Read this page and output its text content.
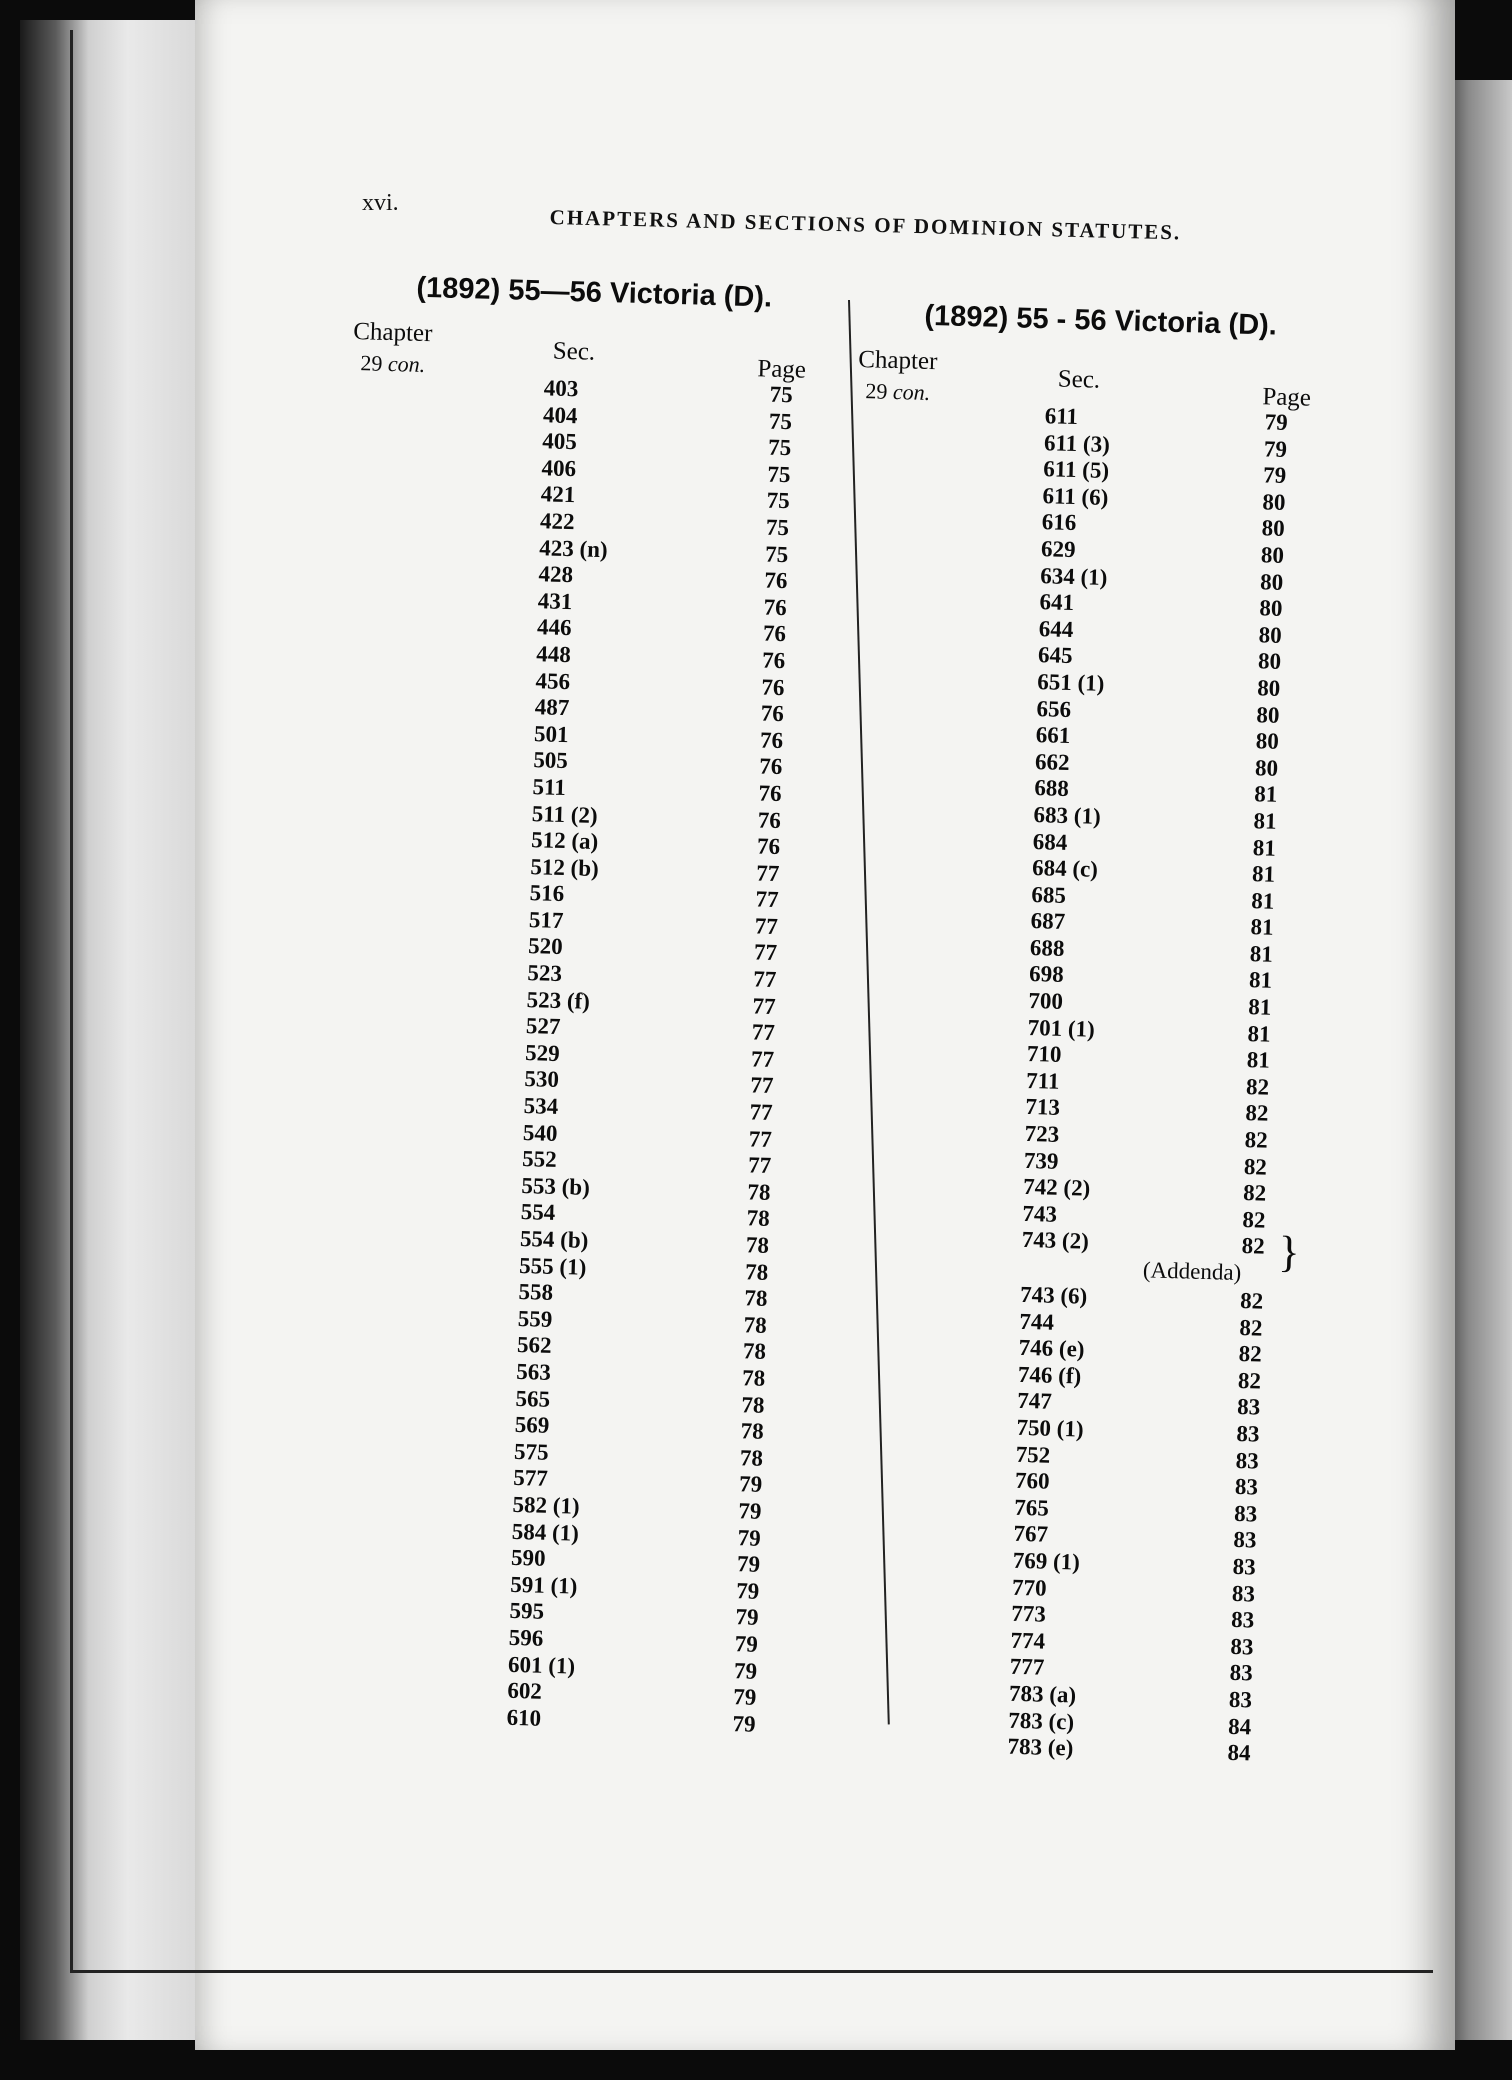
xvi.
CHAPTERS AND SECTIONS OF DOMINION STATUTES.
(1892) 55—56 Victoria (D).
Chapter
29 con.	Sec.
Page
403	75
404	75
405	75
406	75
421	75
422	75
423 (n)	75
428	76
431	76
446	76
448	76
456	76
487	76
501	76
505	76
511	76
511 (2)	76
512 (a)	76
512 (b)	77
516	77
517	77
520	77
523	77
523 (f)	77
527	77
529	77
530	77
534	77
540	77
552	77
553 (b)	78
554	78
554 (b)	78
555 (1)	78
558	78
559	78
562	78
563	78
565	78
569	78
575	78
577	79
582 (1)	79
584 (1)	79
590	79
591 (1)	79
595	79
596	79
601 (1)	79
602	79
610	79
(1892) 55 - 56 Victoria (D).
Chapter
29 con.	Sec.
Page
611	79
611 (3)	79
611 (5)	79
611 (6)	80
616	80
629	80
634 (1)	80
641	80
644	80
645	80
651 (1)	80
656	80
661	80
662	80
688	81
683 (1)	81
684	81
684 (c)	81
685	81
687	81
688	81
698	81
700	81
701 (1)	81
710	81
711	82
713	82
723	82
739	82
742 (2)	82
743	82
743 (2)	82
(Addenda) }
743 (6)	82
744	82
746 (e)	82
746 (f)	82
747	83
750 (1)	83
752	83
760	83
765	83
767	83
769 (1)	83
770	83
773	83
774	83
777	83
783 (a)	83
783 (c)	84
783 (e)	84
